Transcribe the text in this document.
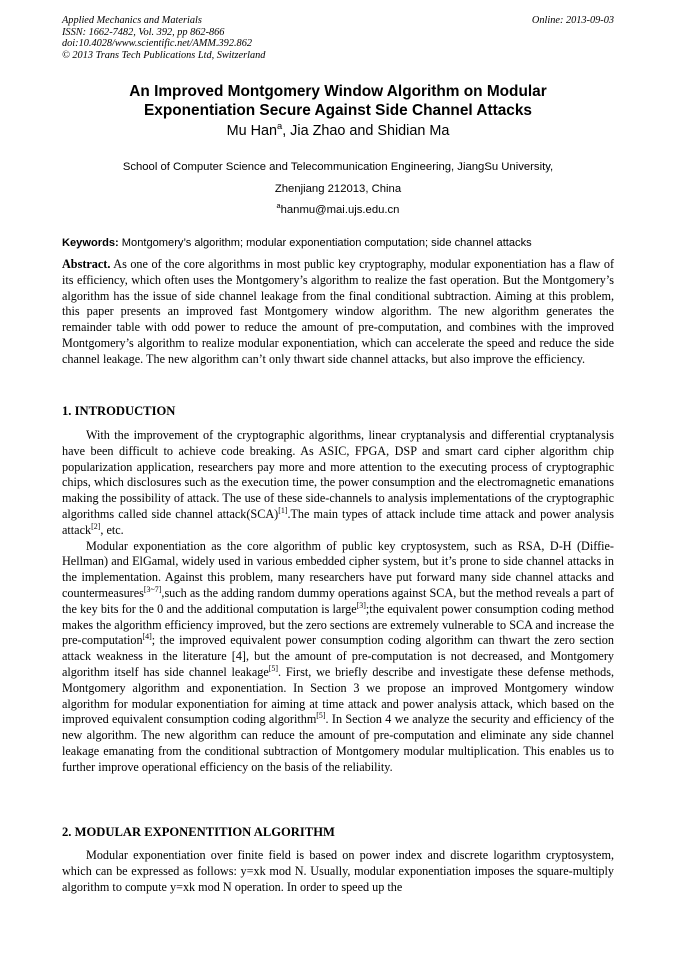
Applied Mechanics and Materials
ISSN: 1662-7482, Vol. 392, pp 862-866
doi:10.4028/www.scientific.net/AMM.392.862
© 2013 Trans Tech Publications Ltd, Switzerland
Online: 2013-09-03
An Improved Montgomery Window Algorithm on Modular
Exponentiation Secure Against Side Channel Attacks
Mu Han$^a$, Jia Zhao and Shidian Ma
School of Computer Science and Telecommunication Engineering, JiangSu University,
Zhenjiang 212013, China
$^a$hanmu@mai.ujs.edu.cn
Keywords: Montgomery’s algorithm; modular exponentiation computation; side channel attacks

Abstract. As one of the core algorithms in most public key cryptography, modular exponentiation has a flaw of its efficiency, which often uses the Montgomery’s algorithm to realize the fast operation. But the Montgomery’s algorithm has the issue of side channel leakage from the final conditional subtraction. Aiming at this problem, this paper presents an improved fast Montgomery window algorithm. The new algorithm generates the remainder table with odd power to reduce the amount of pre-computation, and combines with the improved Montgomery’s algorithm to realize modular exponentiation, which can accelerate the speed and reduce the side channel leakage. The new algorithm can’t only thwart side channel attacks, but also improve the efficiency.

1. INTRODUCTION

With the improvement of the cryptographic algorithms, linear cryptanalysis and differential cryptanalysis have been difficult to achieve code breaking. As ASIC, FPGA, DSP and smart card cipher algorithm chip popularization application, researchers pay more and more attention to the executing process of cryptographic chips, which disclosures such as the execution time, the power consumption and the electromagnetic emanations making the possibility of attack. The use of these side-channels to analysis implementations of the cryptographic algorithms called side channel attack(SCA)[1].The main types of attack include time attack and power analysis attack[2], etc.

Modular exponentiation as the core algorithm of public key cryptosystem, such as RSA, D-H (Diffie-Hellman) and ElGamal, widely used in various embedded cipher system, but it’s prone to side channel attacks in the implementation. Against this problem, many researchers have put forward many side channel attacks and countermeasures[3~7],such as the adding random dummy operations against SCA, but the method reveals a part of the key bits for the 0 and the additional computation is large[3];the equivalent power consumption coding method makes the algorithm efficiency improved, but the zero sections are extremely vulnerable to SCA and increase the pre-computation[4]; the improved equivalent power consumption coding algorithm can thwart the zero section attack weakness in the literature [4], but the amount of pre-computation is not decreased, and Montgomery algorithm itself has side channel leakage[5]. First, we briefly describe and investigate these defense methods, Montgomery algorithm and exponentiation. In Section 3 we propose an improved Montgomery window algorithm for modular exponentiation for aiming at time attack and power analysis attack, which based on the improved equivalent consumption coding algorithm[5]. In Section 4 we analyze the security and efficiency of the new algorithm. The new algorithm can reduce the amount of pre-computation and eliminate any side channel leakage emanating from the conditional subtraction of Montgomery modular multiplication. This enables us to further improve operational efficiency on the basis of the reliability.

2. MODULAR EXPONENTITION ALGORITHM

Modular exponentiation over finite field is based on power index and discrete logarithm cryptosystem, which can be expressed as follows: y=xk mod N. Usually, modular exponentiation imposes the square-multiply algorithm to compute y=xk mod N operation. In order to speed up the
